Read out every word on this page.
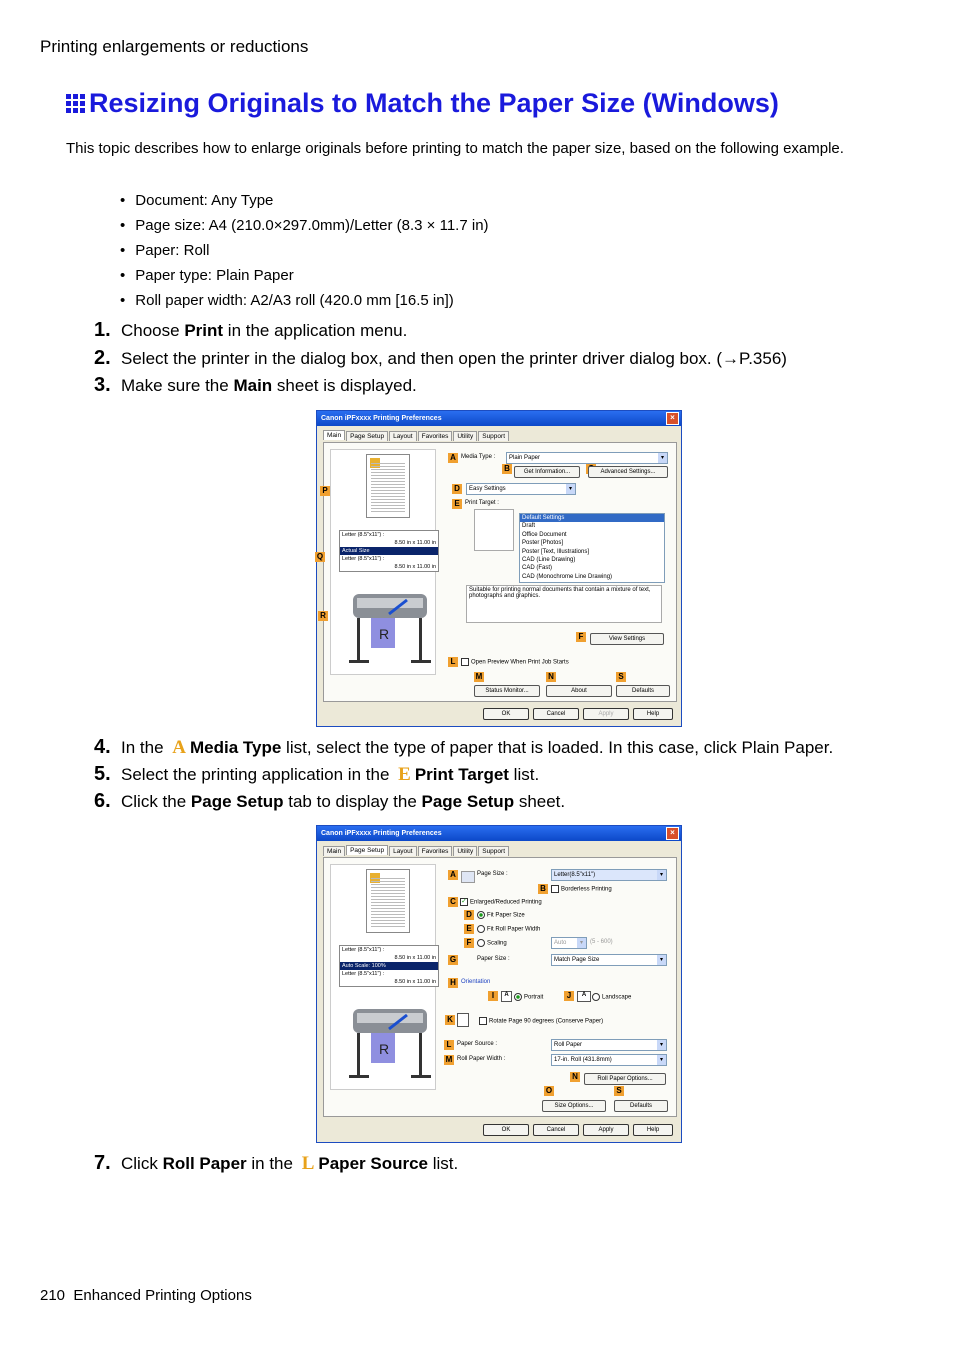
Printing enlargements or reductions
Resizing Originals to Match the Paper Size (Windows)
This topic describes how to enlarge originals before printing to match the paper size, based on the following example.
• Document: Any Type
• Page size: A4 (210.0×297.0mm)/Letter (8.3 × 11.7 in)
• Paper: Roll
• Paper type: Plain Paper
• Roll paper width: A2/A3 roll (420.0 mm [16.5 in])
1. Choose Print in the application menu.
2. Select the printer in the dialog box, and then open the printer driver dialog box. (→P.356)
3. Make sure the Main sheet is displayed.
Canon iPFxxxx Printing Preferences	×
Main	Page Setup	Layout	Favorites	Utility	Support
Letter (8.5"x11") :
8.50 in x 11.00 in
Actual Size
Letter (8.5"x11") :
8.50 in x 11.00 in
R
P
Q
R
A Media Type :	Plain Paper ▾
B	Get Information...	Advanced Settings...
D	Easy Settings ▾
E Print Target :
Default Settings
Draft
Office Document
Poster [Photos]
Poster [Text, Illustrations]
CAD (Line Drawing)
CAD (Fast)
CAD (Monochrome Line Drawing)
Suitable for printing normal documents that contain a mixture of text, photographs and graphics.
F	View Settings
L	Open Preview When Print Job Starts
M
Status Monitor...
N
About
S
Defaults
OK	Cancel	Apply	Help
4. In the A Media Type list, select the type of paper that is loaded. In this case, click Plain Paper.
5. Select the printing application in the E Print Target list.
6. Click the Page Setup tab to display the Page Setup sheet.
Canon iPFxxxx Printing Preferences	×
Main	Page Setup	Layout	Favorites	Utility	Support
Letter (8.5"x11") :
8.50 in x 11.00 in
Auto Scale: 100%
Letter (8.5"x11") :
8.50 in x 11.00 in
R
A	Page Size :	Letter(8.5"x11") ▾
B	Borderless Printing
C ✓ Enlarged/Reduced Printing
D	Fit Paper Size
E	Fit Roll Paper Width
F	Scaling	Auto ▾	(5 - 600)
G	Paper Size :	Match Page Size ▾
H Orientation
I	A	Portrait	J	A	Landscape
K	Rotate Page 90 degrees (Conserve Paper)
L Paper Source :	Roll Paper ▾
M Roll Paper Width :	17-in. Roll (431.8mm) ▾
N	Roll Paper Options...
O
Size Options...
S
Defaults
OK	Cancel	Apply	Help
7. Click Roll Paper in the L Paper Source list.
210 Enhanced Printing Options
